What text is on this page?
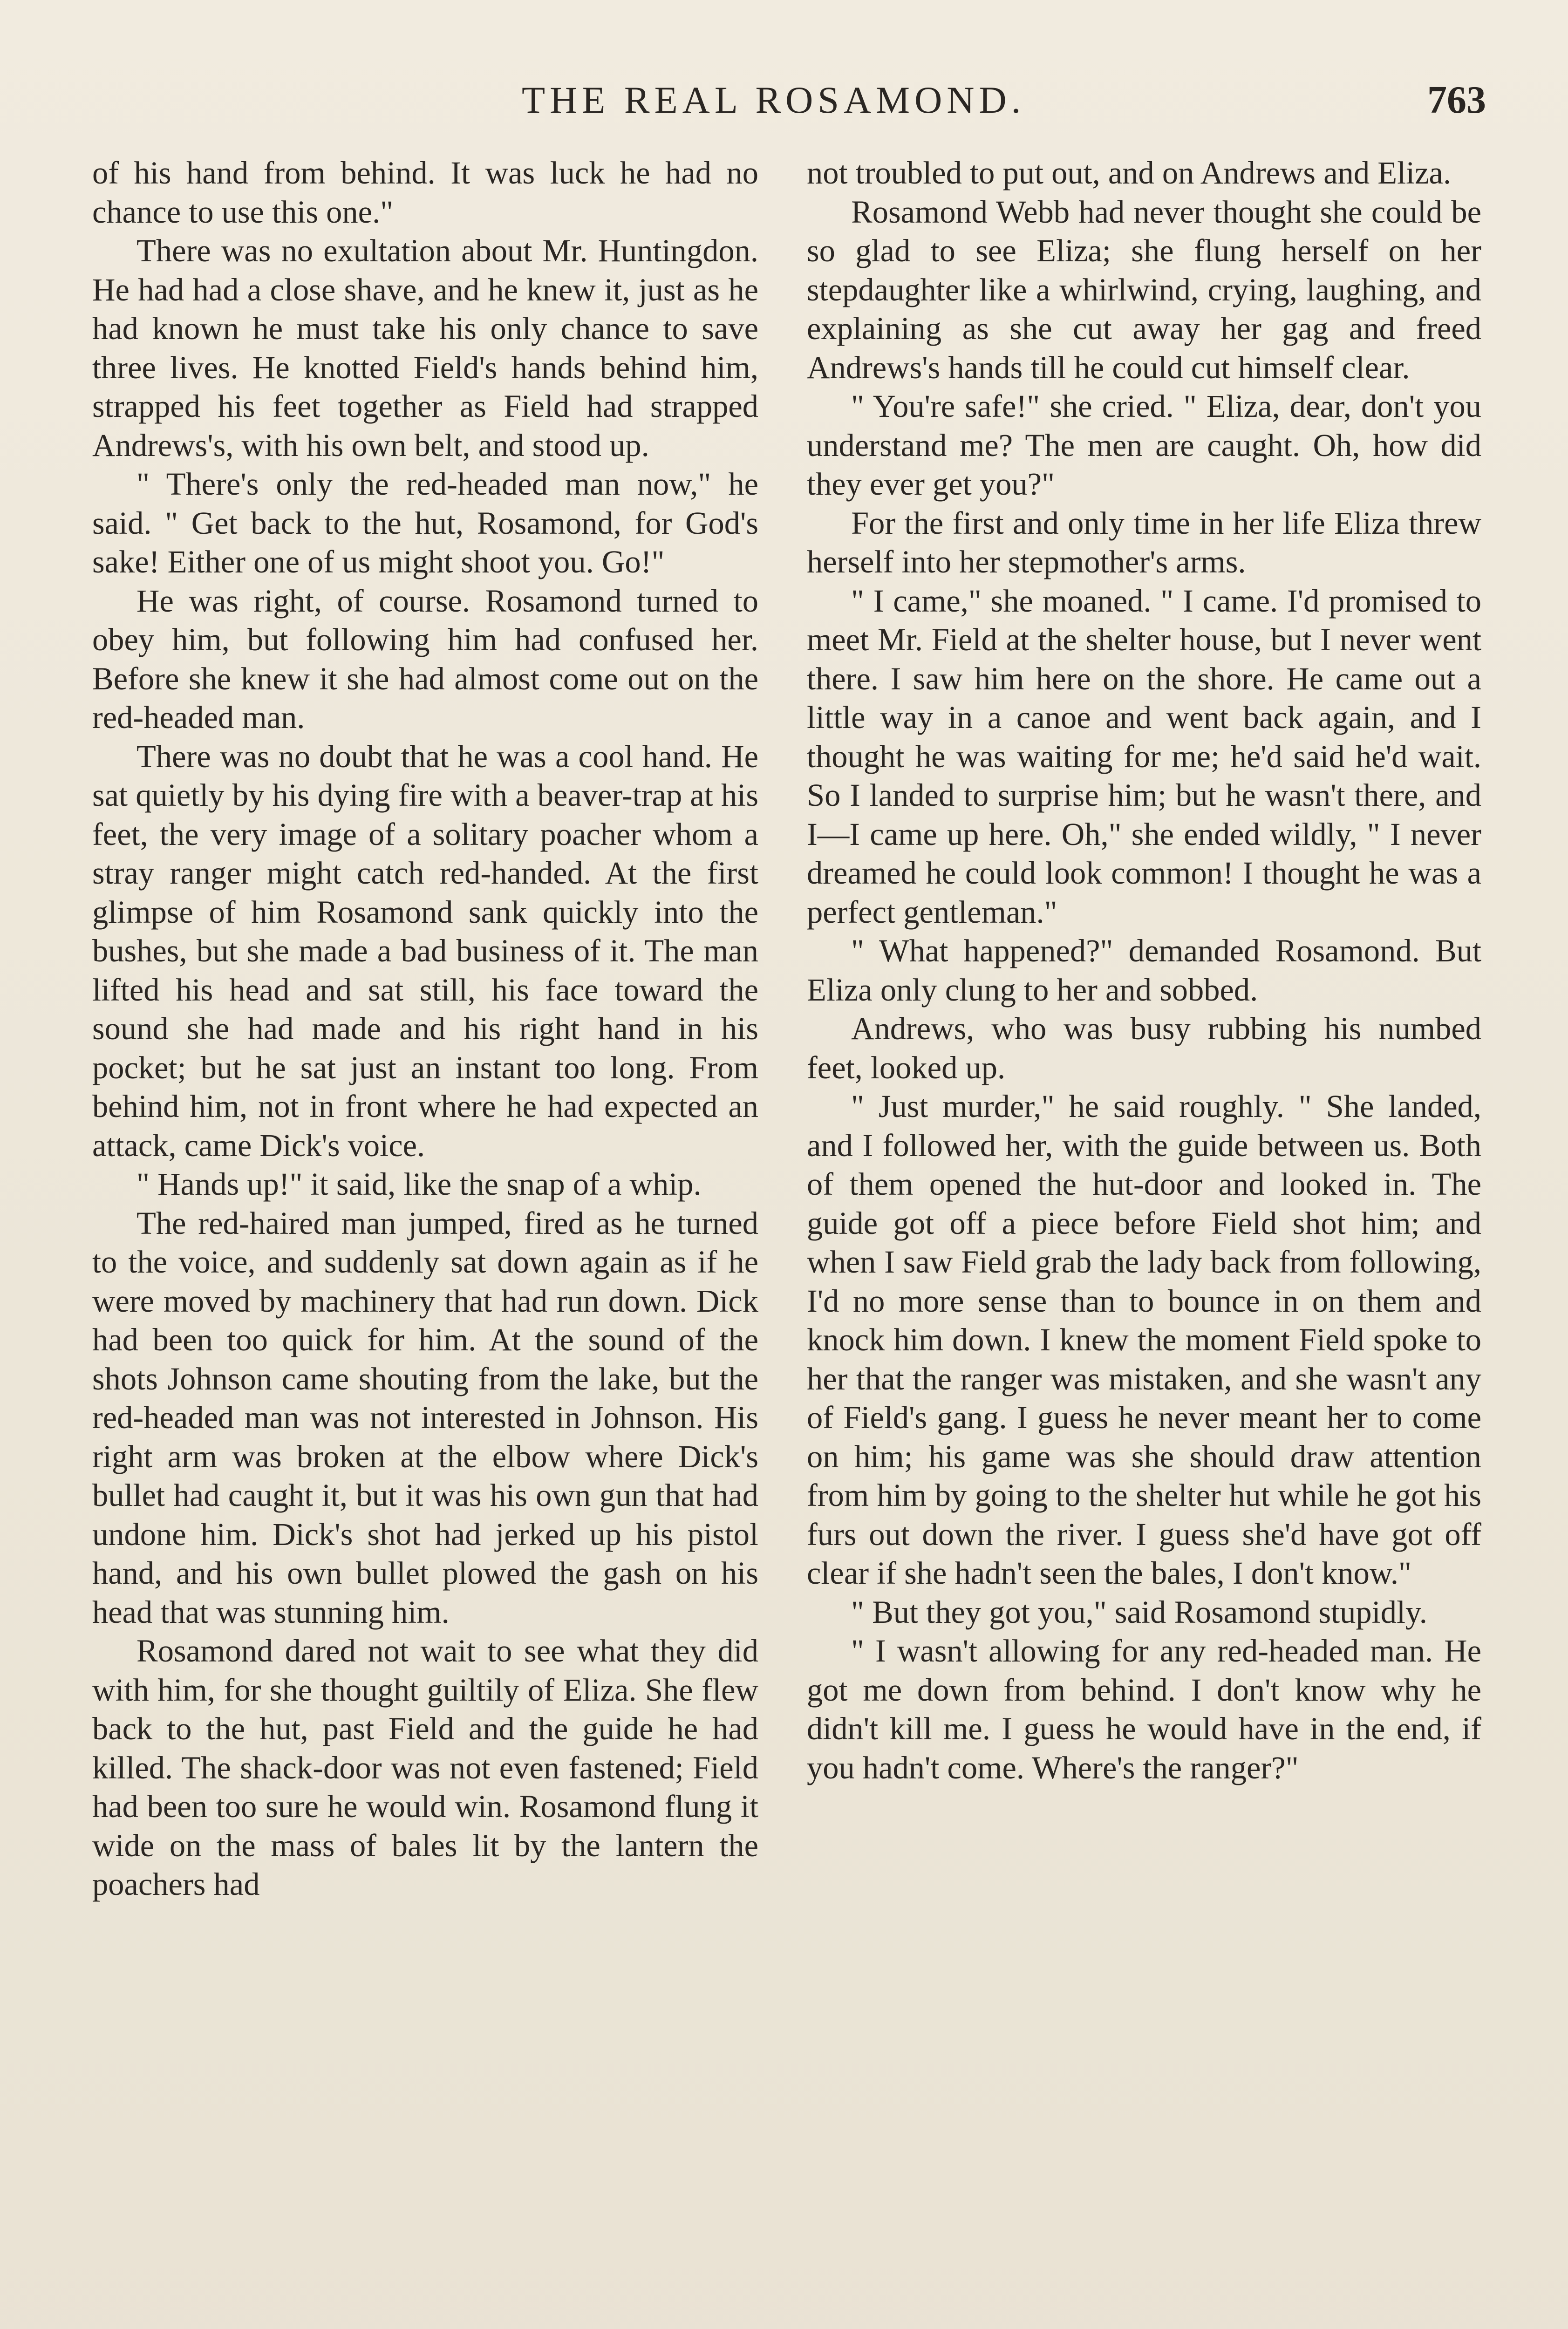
THE REAL ROSAMOND.	763

of his hand from behind. It was luck he had no chance to use this one."

There was no exultation about Mr. Huntingdon. He had had a close shave, and he knew it, just as he had known he must take his only chance to save three lives. He knotted Field's hands behind him, strapped his feet together as Field had strapped Andrews's, with his own belt, and stood up.

" There's only the red-headed man now," he said. " Get back to the hut, Rosamond, for God's sake! Either one of us might shoot you. Go!"

He was right, of course. Rosamond turned to obey him, but following him had confused her. Before she knew it she had almost come out on the red-headed man.

There was no doubt that he was a cool hand. He sat quietly by his dying fire with a beaver-trap at his feet, the very image of a solitary poacher whom a stray ranger might catch red-handed. At the first glimpse of him Rosamond sank quickly into the bushes, but she made a bad business of it. The man lifted his head and sat still, his face toward the sound she had made and his right hand in his pocket; but he sat just an instant too long. From behind him, not in front where he had expected an attack, came Dick's voice.

" Hands up!" it said, like the snap of a whip.

The red-haired man jumped, fired as he turned to the voice, and suddenly sat down again as if he were moved by machinery that had run down. Dick had been too quick for him. At the sound of the shots Johnson came shouting from the lake, but the red-headed man was not interested in Johnson. His right arm was broken at the elbow where Dick's bullet had caught it, but it was his own gun that had undone him. Dick's shot had jerked up his pistol hand, and his own bullet plowed the gash on his head that was stunning him.

Rosamond dared not wait to see what they did with him, for she thought guiltily of Eliza. She flew back to the hut, past Field and the guide he had killed. The shack-door was not even fastened; Field had been too sure he would win. Rosamond flung it wide on the mass of bales lit by the lantern the poachers had

not troubled to put out, and on Andrews and Eliza.

Rosamond Webb had never thought she could be so glad to see Eliza; she flung herself on her stepdaughter like a whirlwind, crying, laughing, and explaining as she cut away her gag and freed Andrews's hands till he could cut himself clear.

" You're safe!" she cried. " Eliza, dear, don't you understand me? The men are caught. Oh, how did they ever get you?"

For the first and only time in her life Eliza threw herself into her stepmother's arms.

" I came," she moaned. " I came. I'd promised to meet Mr. Field at the shelter house, but I never went there. I saw him here on the shore. He came out a little way in a canoe and went back again, and I thought he was waiting for me; he'd said he'd wait. So I landed to surprise him; but he wasn't there, and I—I came up here. Oh," she ended wildly, " I never dreamed he could look common! I thought he was a perfect gentleman."

" What happened?" demanded Rosamond. But Eliza only clung to her and sobbed.

Andrews, who was busy rubbing his numbed feet, looked up.

" Just murder," he said roughly. " She landed, and I followed her, with the guide between us. Both of them opened the hut-door and looked in. The guide got off a piece before Field shot him; and when I saw Field grab the lady back from following, I'd no more sense than to bounce in on them and knock him down. I knew the moment Field spoke to her that the ranger was mistaken, and she wasn't any of Field's gang. I guess he never meant her to come on him; his game was she should draw attention from him by going to the shelter hut while he got his furs out down the river. I guess she'd have got off clear if she hadn't seen the bales, I don't know."

" But they got you," said Rosamond stupidly.

" I wasn't allowing for any red-headed man. He got me down from behind. I don't know why he didn't kill me. I guess he would have in the end, if you hadn't come. Where's the ranger?"
